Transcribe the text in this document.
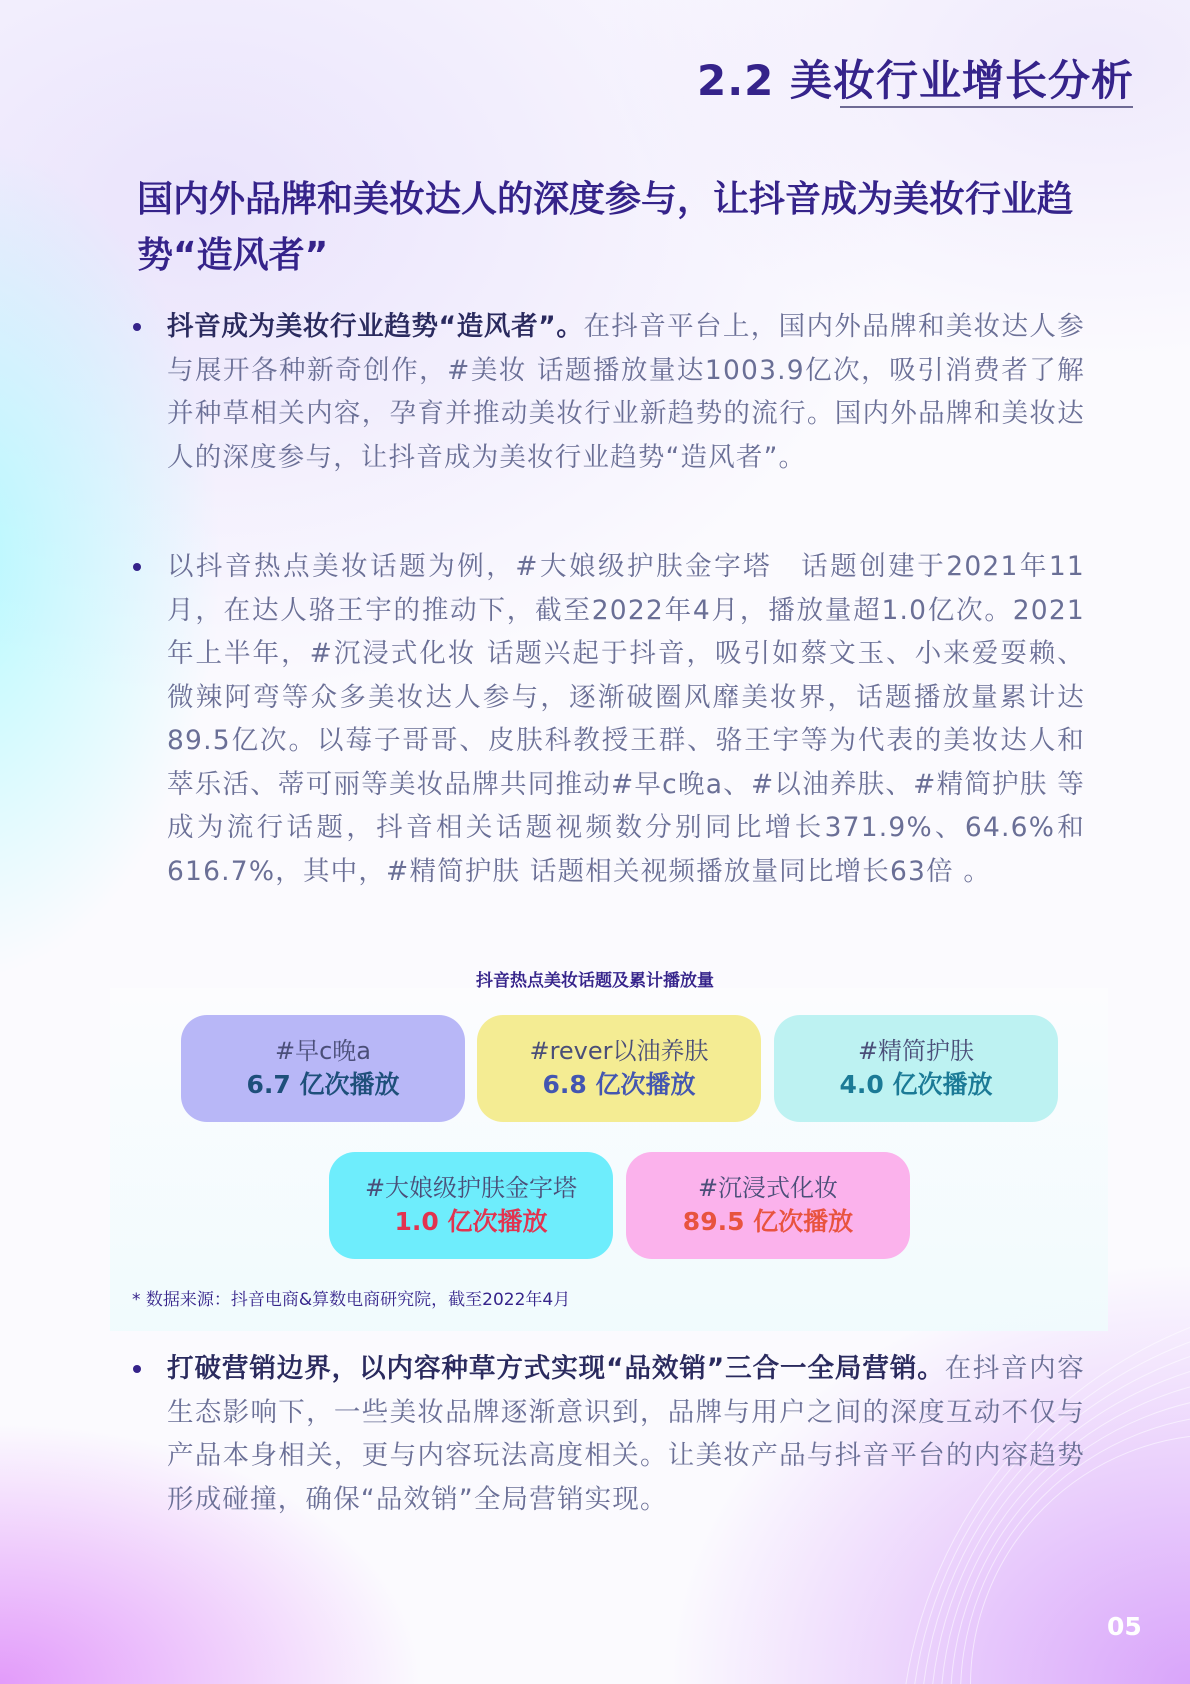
2.2 美妆行业增长分析
国内外品牌和美妆达人的深度参与，让抖音成为美妆行业趋势“造风者”
抖音成为美妆行业趋势“造风者”。在抖音平台上，国内外品牌和美妆达人参与展开各种新奇创作，#美妆 话题播放量达1003.9亿次，吸引消费者了解并种草相关内容，孕育并推动美妆行业新趋势的流行。国内外品牌和美妆达人的深度参与，让抖音成为美妆行业趋势“造风者”。
以抖音热点美妆话题为例，#大娘级护肤金字塔　话题创建于2021年11月，在达人骆王宇的推动下，截至2022年4月，播放量超1.0亿次。2021年上半年，#沉浸式化妆 话题兴起于抖音，吸引如蔡文玉、小来爱耍赖、微辣阿弯等众多美妆达人参与，逐渐破圈风靡美妆界，话题播放量累计达89.5亿次。以莓子哥哥、皮肤科教授王群、骆王宇等为代表的美妆达人和萃乐活、蒂可丽等美妆品牌共同推动#早c晚a、#以油养肤、#精简护肤 等成为流行话题，抖音相关话题视频数分别同比增长371.9%、64.6%和616.7%，其中，#精简护肤 话题相关视频播放量同比增长63倍 。
抖音热点美妆话题及累计播放量
#早c晚a
6.7 亿次播放
#rever以油养肤
6.8 亿次播放
#精简护肤
4.0 亿次播放
#大娘级护肤金字塔
1.0 亿次播放
#沉浸式化妆
89.5 亿次播放
* 数据来源：抖音电商&算数电商研究院，截至2022年4月
打破营销边界，以内容种草方式实现“品效销”三合一全局营销。在抖音内容生态影响下，一些美妆品牌逐渐意识到，品牌与用户之间的深度互动不仅与产品本身相关，更与内容玩法高度相关。让美妆产品与抖音平台的内容趋势形成碰撞，确保“品效销”全局营销实现。
05
